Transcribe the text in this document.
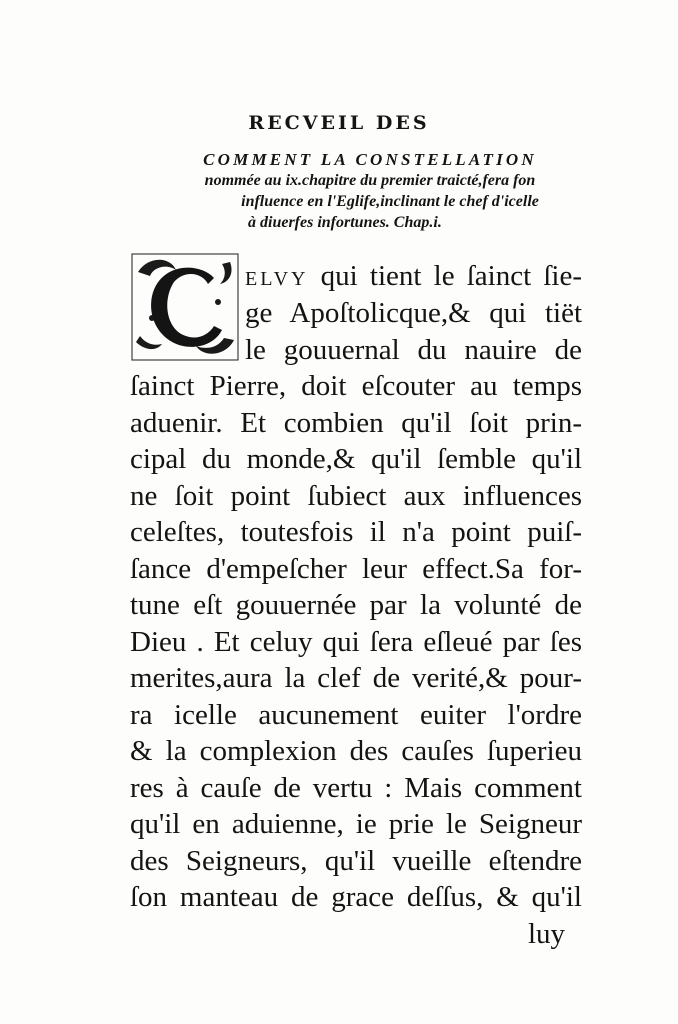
RECVEIL DES
COMMENT LA CONSTELLATION
nommée au ix.chapitre du premier traicté,fera fon
influence en l'Eglife,inclinant le chef d'icelle
à diuerfes infortunes. Chap.i.
ELVY qui tient le ſainct ſie-
ge Apoſtolicque,& qui tiët
le gouuernal du nauire de
ſainct Pierre, doit eſcouter au temps
aduenir. Et combien qu'il ſoit prin-
cipal du monde,& qu'il ſemble qu'il
ne ſoit point ſubiect aux influences
celeſtes, toutesfois il n'a point puiſ-
ſance d'empeſcher leur effect.Sa for-
tune eſt gouuernée par la volunté de
Dieu . Et celuy qui ſera eſleué par ſes
merites,aura la clef de verité,& pour-
ra icelle aucunement euiter l'ordre
& la complexion des cauſes ſuperieu
res à cauſe de vertu : Mais comment
qu'il en aduienne, ie prie le Seigneur
des Seigneurs, qu'il vueille eſtendre
ſon manteau de grace deſſus, & qu'il
luy
